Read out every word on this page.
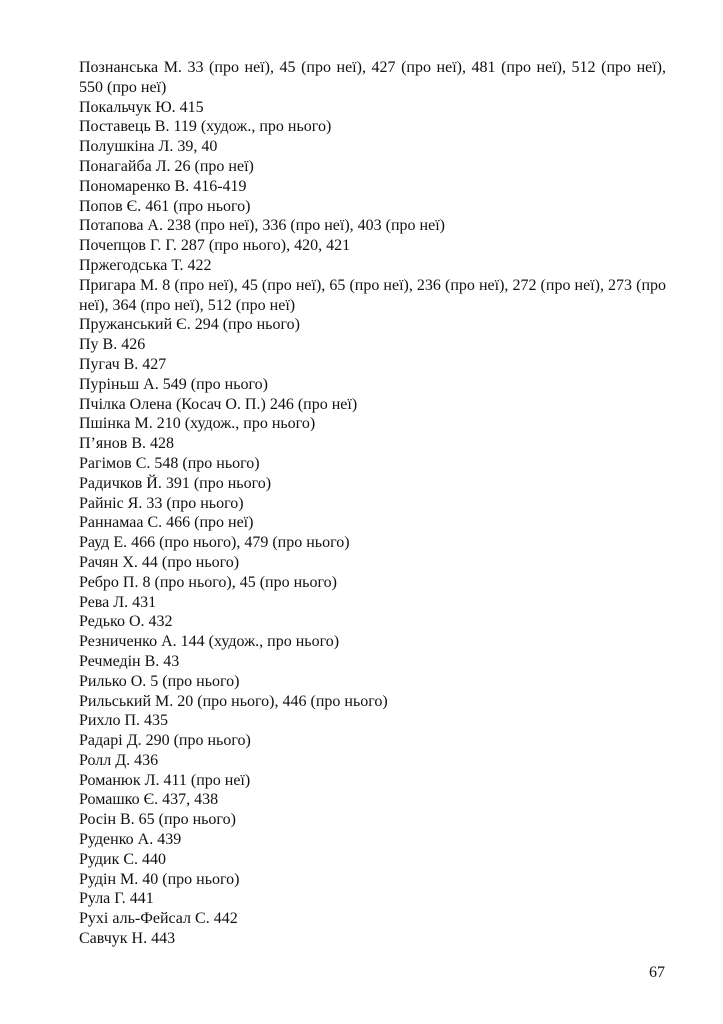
Познанська М. 33 (про неї), 45 (про неї), 427 (про неї), 481 (про неї), 512 (про неї), 550 (про неї)

Покальчук Ю. 415

Поставець В. 119 (худож., про нього)

Полушкіна Л. 39, 40

Понагайба Л. 26 (про неї)

Пономаренко В. 416-419

Попов Є. 461 (про нього)

Потапова А. 238 (про неї), 336 (про неї), 403 (про неї)

Почепцов Г. Г. 287 (про нього), 420, 421

Пржегодська Т. 422

Пригара М. 8 (про неї), 45 (про неї), 65 (про неї), 236 (про неї), 272 (про неї), 273 (про неї), 364 (про неї), 512 (про неї)

Пружанський Є. 294 (про нього)

Пу В. 426

Пугач В. 427

Пуріньш А. 549 (про нього)

Пчілка Олена (Косач О. П.) 246 (про неї)

Пшінка М. 210 (худож., про нього)

П’янов В. 428

Рагімов С. 548 (про нього)

Радичков Й. 391 (про нього)

Райніс Я. 33 (про нього)

Раннамаа С. 466 (про неї)

Рауд Е. 466 (про нього), 479 (про нього)

Рачян Х. 44 (про нього)

Ребро П. 8 (про нього), 45 (про нього)

Рева Л. 431

Редько О. 432

Резниченко А. 144 (худож., про нього)

Речмедін В. 43

Рилько О. 5 (про нього)

Рильський М. 20 (про нього), 446 (про нього)

Рихло П. 435

Радарі Д. 290 (про нього)

Ролл Д. 436

Романюк Л. 411 (про неї)

Ромашко Є. 437, 438

Росін В. 65 (про нього)

Руденко А. 439

Рудик С. 440

Рудін М. 40 (про нього)

Рула Г. 441

Рухі аль-Фейсал С. 442

Савчук Н. 443

67
